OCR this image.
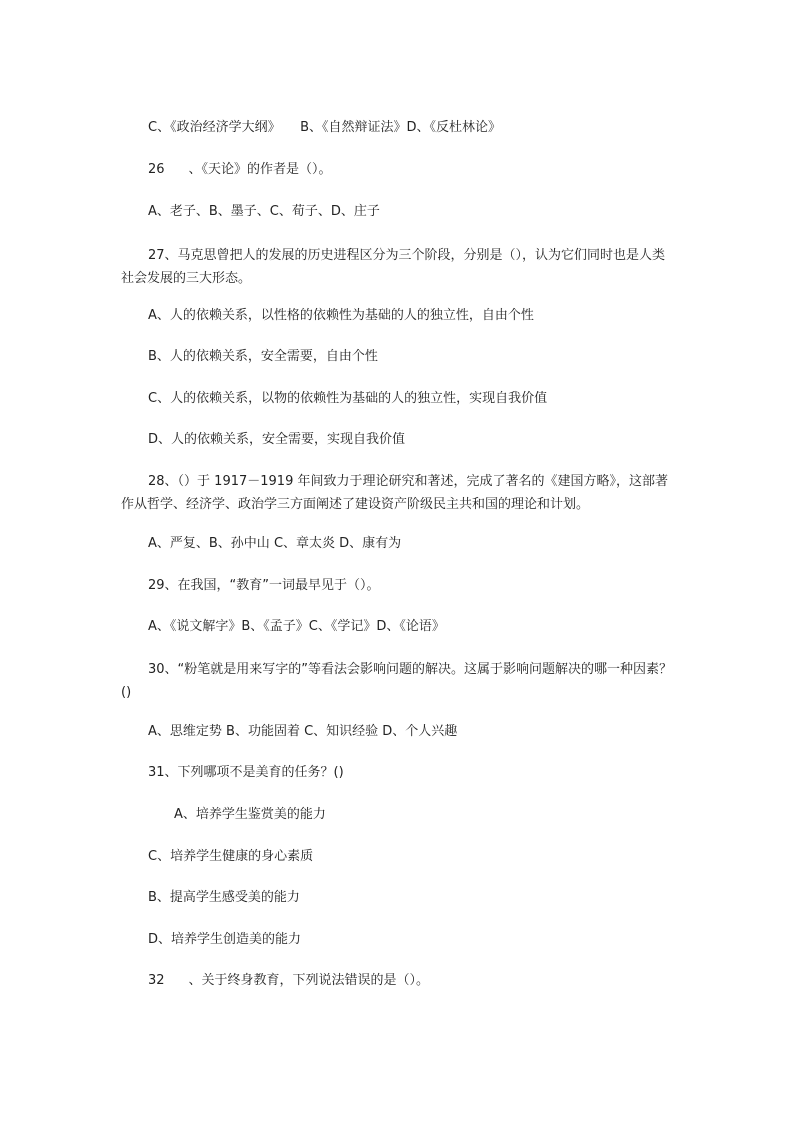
C、《政治经济学大纲》　　B、《自然辩证法》D、《反杜林论》

26 、《天论》的作者是（）。

A、老子、B、墨子、C、荀子、D、庄子

27、马克思曾把人的发展的历史进程区分为三个阶段，分别是（），认为它们同时也是人类社会发展的三大形态。

A、人的依赖关系，以性格的依赖性为基础的人的独立性，自由个性

B、人的依赖关系，安全需要，自由个性

C、人的依赖关系，以物的依赖性为基础的人的独立性，实现自我价值

D、人的依赖关系，安全需要，实现自我价值

28、（）于 1917－1919 年间致力于理论研究和著述，完成了著名的《建国方略》，这部著作从哲学、经济学、政治学三方面阐述了建设资产阶级民主共和国的理论和计划。

A、严复、B、孙中山 C、章太炎 D、康有为

29、在我国，“教育”一词最早见于（）。

A、《说文解字》B、《孟子》C、《学记》D、《论语》

30、“粉笔就是用来写字的”等看法会影响问题的解决。这属于影响问题解决的哪一种因素？()

A、思维定势 B、功能固着 C、知识经验 D、个人兴趣

31、下列哪项不是美育的任务？()

A、培养学生鉴赏美的能力

C、培养学生健康的身心素质

B、提高学生感受美的能力

D、培养学生创造美的能力

32 、关于终身教育，下列说法错误的是（）。
